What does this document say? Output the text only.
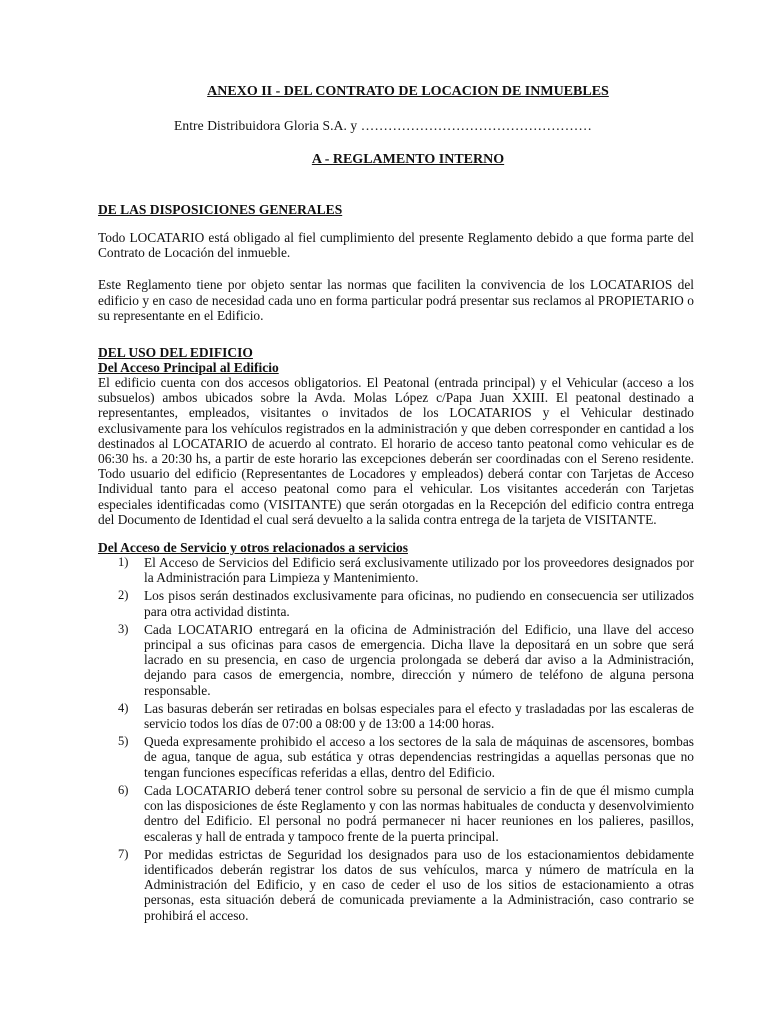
ANEXO II - DEL CONTRATO DE LOCACION DE INMUEBLES
Entre Distribuidora Gloria S.A. y ……………………………………………
A - REGLAMENTO INTERNO
DE LAS DISPOSICIONES GENERALES

Todo LOCATARIO está obligado al fiel cumplimiento del presente Reglamento debido a que forma parte del Contrato de Locación del inmueble.

Este Reglamento tiene por objeto sentar las normas que faciliten la convivencia de los LOCATARIOS del edificio y en caso de necesidad cada uno en forma particular podrá presentar sus reclamos al PROPIETARIO o su representante en el Edificio.

DEL USO DEL EDIFICIO
Del Acceso Principal al Edificio

El edificio cuenta con dos accesos obligatorios. El Peatonal (entrada principal) y el Vehicular (acceso a los subsuelos) ambos ubicados sobre la Avda. Molas López c/Papa Juan XXIII. El peatonal destinado a representantes, empleados, visitantes o invitados de los LOCATARIOS y el Vehicular destinado exclusivamente para los vehículos registrados en la administración y que deben corresponder en cantidad a los destinados al LOCATARIO de acuerdo al contrato. El horario de acceso tanto peatonal como vehicular es de 06:30 hs. a 20:30 hs, a partir de este horario las excepciones deberán ser coordinadas con el Sereno residente. Todo usuario del edificio (Representantes de Locadores y empleados) deberá contar con Tarjetas de Acceso Individual tanto para el acceso peatonal como para el vehicular. Los visitantes accederán con Tarjetas especiales identificadas como (VISITANTE) que serán otorgadas en la Recepción del edificio contra entrega del Documento de Identidad el cual será devuelto a la salida contra entrega de la tarjeta de VISITANTE.

Del Acceso de Servicio y otros relacionados a servicios
1) El Acceso de Servicios del Edificio será exclusivamente utilizado por los proveedores designados por la Administración para Limpieza y Mantenimiento.
2) Los pisos serán destinados exclusivamente para oficinas, no pudiendo en consecuencia ser utilizados para otra actividad distinta.
3) Cada LOCATARIO entregará en la oficina de Administración del Edificio, una llave del acceso principal a sus oficinas para casos de emergencia. Dicha llave la depositará en un sobre que será lacrado en su presencia, en caso de urgencia prolongada se deberá dar aviso a la Administración, dejando para casos de emergencia, nombre, dirección y número de teléfono de alguna persona responsable.
4) Las basuras deberán ser retiradas en bolsas especiales para el efecto y trasladadas por las escaleras de servicio todos los días de 07:00 a 08:00 y de 13:00 a 14:00 horas.
5) Queda expresamente prohibido el acceso a los sectores de la sala de máquinas de ascensores, bombas de agua, tanque de agua, sub estática y otras dependencias restringidas a aquellas personas que no tengan funciones específicas referidas a ellas, dentro del Edificio.
6) Cada LOCATARIO deberá tener control sobre su personal de servicio a fin de que él mismo cumpla con las disposiciones de éste Reglamento y con las normas habituales de conducta y desenvolvimiento dentro del Edificio. El personal no podrá permanecer ni hacer reuniones en los palieres, pasillos, escaleras y hall de entrada y tampoco frente de la puerta principal.
7) Por medidas estrictas de Seguridad los designados para uso de los estacionamientos debidamente identificados deberán registrar los datos de sus vehículos, marca y número de matrícula en la Administración del Edificio, y en caso de ceder el uso de los sitios de estacionamiento a otras personas, esta situación deberá de comunicada previamente a la Administración, caso contrario se prohibirá el acceso.
